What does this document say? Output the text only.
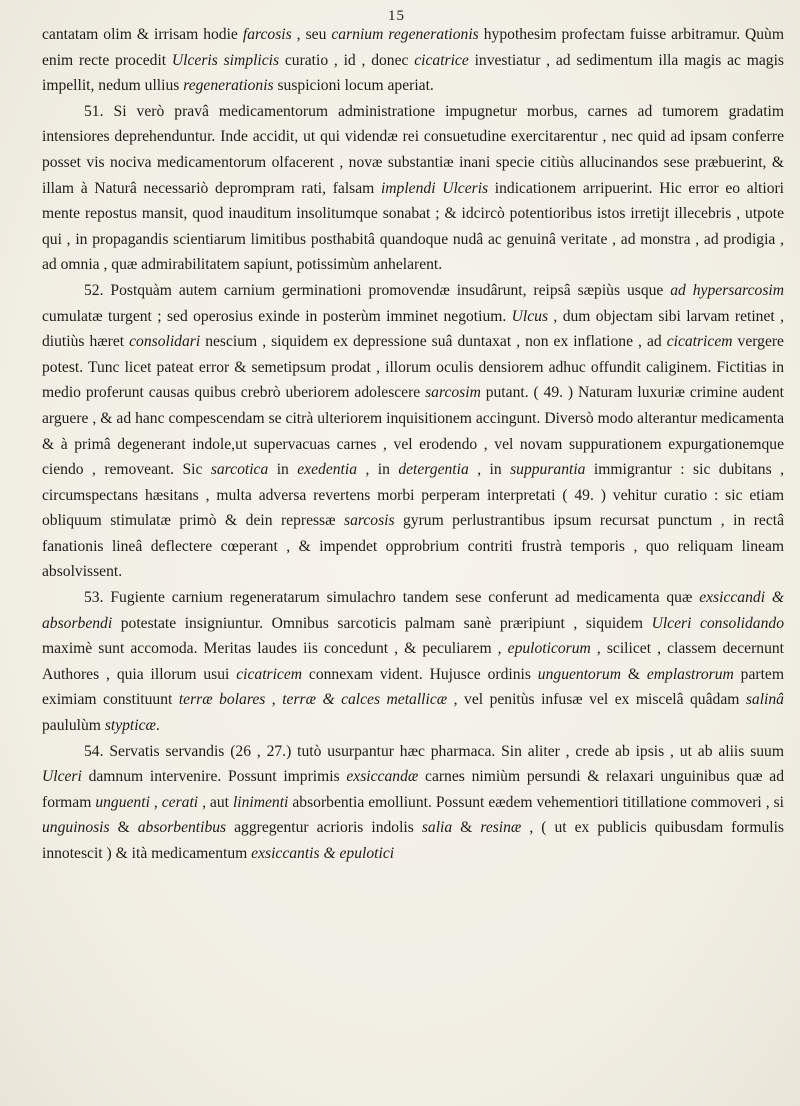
15

cantatam olim & irrisam hodie farcosis , seu carnium regenerationis hypothesim profectam fuisse arbitramur. Quùm enim recte procedit Ulceris simplicis curatio , id , donec cicatrice investiatur , ad sedimentum illa magis ac magis impellit, nedum ullius regenerationis suspicioni locum aperiat.

51. Si verò pravâ medicamentorum administratione impugnetur morbus, carnes ad tumorem gradatim intensiores deprehenduntur. Inde accidit, ut qui videndæ rei consuetudine exercitarentur , nec quid ad ipsam conferre posset vis nociva medicamentorum olfacerent , novæ substantiæ inani specie citiùs allucinandos sese præbuerint, & illam à Naturâ necessariò deprompram rati, falsam implendi Ulceris indicationem arripuerint. Hic error eo altiori mente repostus mansit, quod inauditum insolitumque sonabat ; & idcircò potentioribus istos irretijt illecebris , utpote qui , in propagandis scientiarum limitibus posthabitâ quandoque nudâ ac genuinâ veritate , ad monstra , ad prodigia , ad omnia , quæ admirabilitatem sapiunt, potissimùm anhelarent.

52. Postquàm autem carnium germinationi promovendæ insudârunt, reipsâ sæpiùs usque ad hypersarcosim cumulatæ turgent ; sed operosius exinde in posterùm imminet negotium. Ulcus , dum objectam sibi larvam retinet , diutiùs hæret consolidari nescium , siquidem ex depressione suâ duntaxat , non ex inflatione , ad cicatricem vergere potest. Tunc licet pateat error & semetipsum prodat , illorum oculis densiorem adhuc offundit caliginem. Fictitias in medio proferunt causas quibus crebrò uberiorem adolescere sarcosim putant. ( 49. ) Naturam luxuriæ crimine audent arguere , & ad hanc compescendam se citrà ulteriorem inquisitionem accingunt. Diversò modo alterantur medicamenta & à primâ degenerant indole,ut supervacuas carnes , vel erodendo , vel novam suppurationem expurgationemque ciendo , removeant. Sic sarcotica in exedentia , in detergentia , in suppurantia immigrantur : sic dubitans , circumspectans hæsitans , multa adversa revertens morbi perperam interpretati ( 49. ) vehitur curatio : sic etiam obliquum stimulatæ primò & dein repressæ sarcosis gyrum perlustrantibus ipsum recursat punctum , in rectâ fanationis lineâ deflectere cœperant , & impendet opprobrium contriti frustrà temporis , quo reliquam lineam absolvissent.

53. Fugiente carnium regeneratarum simulachro tandem sese conferunt ad medicamenta quæ exsiccandi & absorbendi potestate insigniuntur. Omnibus sarcoticis palmam sanè præripiunt , siquidem Ulceri consolidando maximè sunt accomoda. Meritas laudes iis concedunt , & peculiarem , epuloticorum , scilicet , classem decernunt Authores , quia illorum usui cicatricem connexam vident. Hujusce ordinis unguentorum & emplastrorum partem eximiam constituunt terræ bolares , terræ & calces metallicæ , vel penitùs infusæ vel ex miscelâ quâdam salinâ paululùm stypticæ.

54. Servatis servandis (26 , 27.) tutò usurpantur hæc pharmaca. Sin aliter , crede ab ipsis , ut ab aliis suum Ulceri damnum intervenire. Possunt imprimis exsiccandæ carnes nimiùm persundi & relaxari unguinibus quæ ad formam unguenti , cerati , aut linimenti absorbentia emolliunt. Possunt eædem vehementiori titillatione commoveri , si unguinosis & absorbentibus aggregentur acrioris indolis salia & resinæ , ( ut ex publicis quibusdam formulis innotescit ) & ità medicamentum exsiccantis & epulotici
